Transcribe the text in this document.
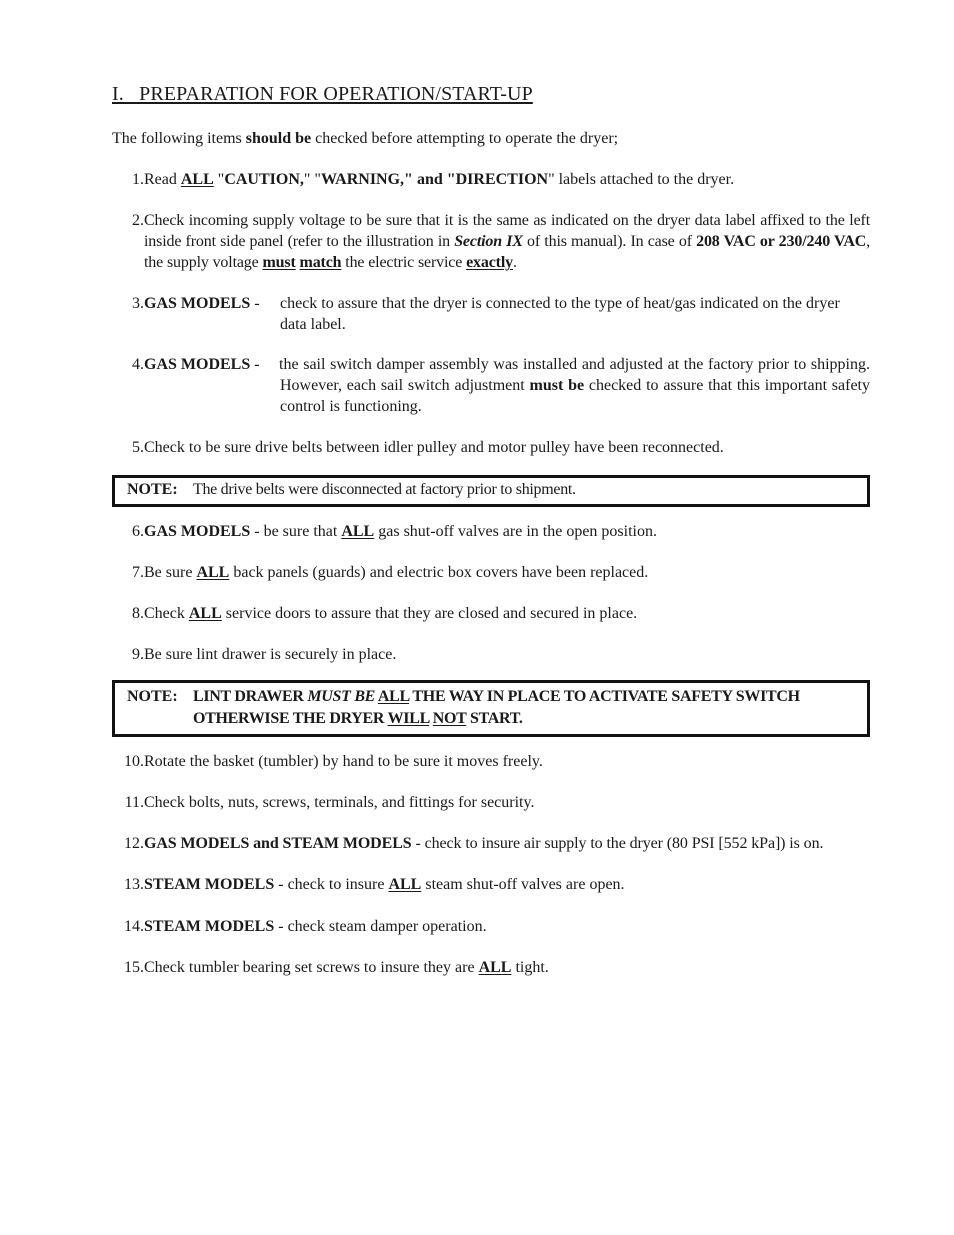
I.   PREPARATION FOR OPERATION/START-UP
The following items should be checked before attempting to operate the dryer;
1. Read ALL "CAUTION," "WARNING," and "DIRECTION" labels attached to the dryer.
2. Check incoming supply voltage to be sure that it is the same as indicated on the dryer data label affixed to the left inside front side panel (refer to the illustration in Section IX of this manual). In case of 208 VAC or 230/240 VAC, the supply voltage must match the electric service exactly.
3. GAS MODELS - check to assure that the dryer is connected to the type of heat/gas indicated on the dryer data label.
4. GAS MODELS - the sail switch damper assembly was installed and adjusted at the factory prior to shipping. However, each sail switch adjustment must be checked to assure that this important safety control is functioning.
5. Check to be sure drive belts between idler pulley and motor pulley have been reconnected.
NOTE: The drive belts were disconnected at factory prior to shipment.
6. GAS MODELS - be sure that ALL gas shut-off valves are in the open position.
7. Be sure ALL back panels (guards) and electric box covers have been replaced.
8. Check ALL service doors to assure that they are closed and secured in place.
9. Be sure lint drawer is securely in place.
NOTE: LINT DRAWER MUST BE ALL THE WAY IN PLACE TO ACTIVATE SAFETY SWITCH OTHERWISE THE DRYER WILL NOT START.
10. Rotate the basket (tumbler) by hand to be sure it moves freely.
11. Check bolts, nuts, screws, terminals, and fittings for security.
12. GAS MODELS and STEAM MODELS - check to insure air supply to the dryer (80 PSI [552 kPa]) is on.
13. STEAM MODELS - check to insure ALL steam shut-off valves are open.
14. STEAM MODELS - check steam damper operation.
15. Check tumbler bearing set screws to insure they are ALL tight.
